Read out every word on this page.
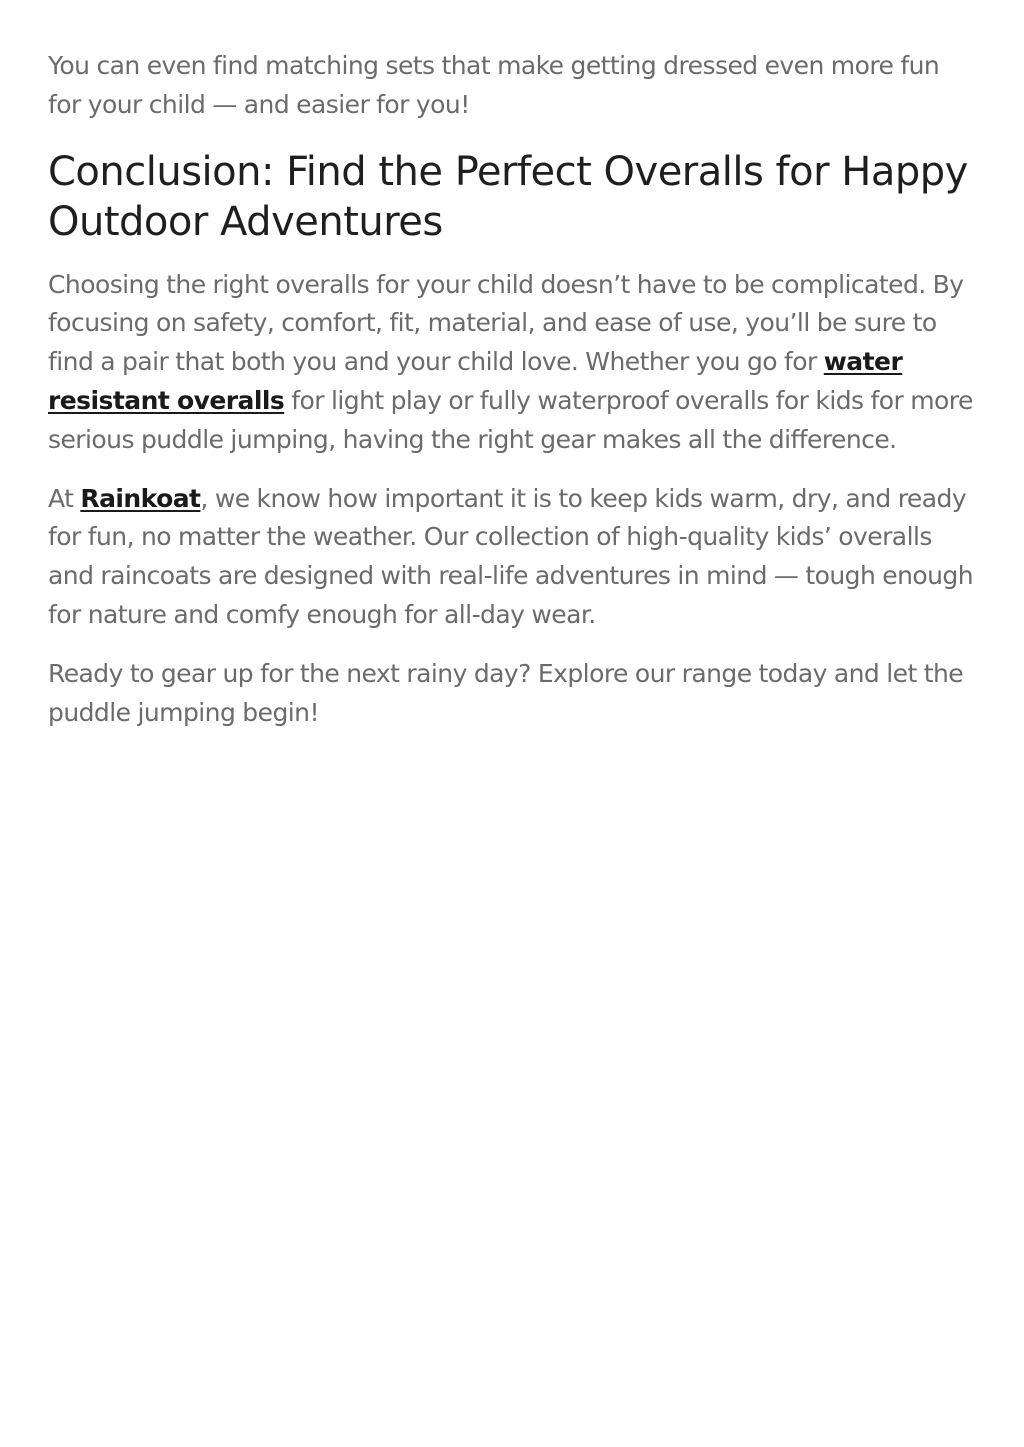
You can even find matching sets that make getting dressed even more fun for your child — and easier for you!

Conclusion: Find the Perfect Overalls for Happy Outdoor Adventures

Choosing the right overalls for your child doesn’t have to be complicated. By focusing on safety, comfort, fit, material, and ease of use, you’ll be sure to find a pair that both you and your child love. Whether you go for water resistant overalls for light play or fully waterproof overalls for kids for more serious puddle jumping, having the right gear makes all the difference.

At Rainkoat, we know how important it is to keep kids warm, dry, and ready for fun, no matter the weather. Our collection of high-quality kids’ overalls and raincoats are designed with real-life adventures in mind — tough enough for nature and comfy enough for all-day wear.

Ready to gear up for the next rainy day? Explore our range today and let the puddle jumping begin!
